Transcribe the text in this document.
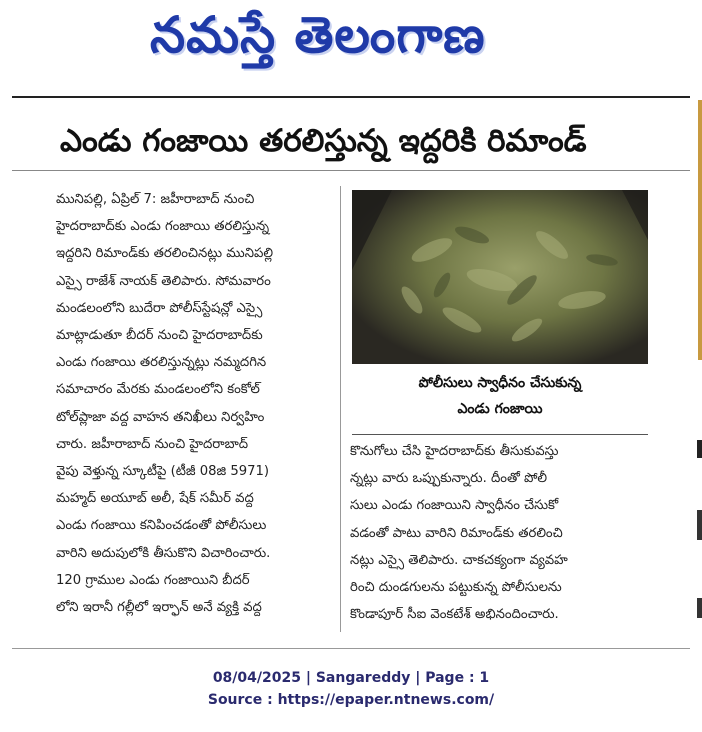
నమస్తే తెలంగాణ
ఎండు గంజాయి తరలిస్తున్న ఇద్దరికి రిమాండ్
మునిపల్లి, ఏప్రిల్ 7: జహీరాబాద్ నుంచి
హైదరాబాద్‌కు ఎండు గంజాయి తరలిస్తున్న
ఇద్దరిని రిమాండ్‌కు తరలించినట్లు మునిపల్లి
ఎస్సై రాజేశ్ నాయక్ తెలిపారు. సోమవారం
మండలంలోని బుదేరా పోలీస్‌స్టేషన్లో ఎస్సై
మాట్లాడుతూ బీదర్ నుంచి హైదరాబాద్‌కు
ఎండు గంజాయి తరలిస్తున్నట్లు నమ్మదగిన
సమాచారం మేరకు మండలంలోని కంకోల్
టోల్‌ప్లాజా వద్ద వాహన తనిఖీలు నిర్వహిం
చారు. జహీరాబాద్ నుంచి హైదరాబాద్
వైపు వెళ్తున్న స్కూటీపై (టీజీ 08జి 5971)
మహ్మద్ అయూబ్ అలీ, షేక్ సమీర్ వద్ద
ఎండు గంజాయి కనిపించడంతో పోలీసులు
వారిని అదుపులోకి తీసుకొని విచారించారు.
120 గ్రాముల ఎండు గంజాయిని బీదర్
లోని ఇరానీ గల్లీలో ఇర్ఫాన్ అనే వ్యక్తి వద్ద
పోలీసులు స్వాధీనం చేసుకున్న
ఎండు గంజాయి
కొనుగోలు చేసి హైదరాబాద్‌కు తీసుకువస్తు
న్నట్లు వారు ఒప్పుకున్నారు. దీంతో పోలీ
సులు ఎండు గంజాయిని స్వాధీనం చేసుకో
వడంతో పాటు వారిని రిమాండ్‌కు తరలించి
నట్లు ఎస్సై తెలిపారు. చాకచక్యంగా వ్యవహ
రించి దుండగులను పట్టుకున్న పోలీసులను
కొండాపూర్ సీఐ వెంకటేశ్ అభినందించారు.
08/04/2025 | Sangareddy | Page : 1
Source : https://epaper.ntnews.com/
